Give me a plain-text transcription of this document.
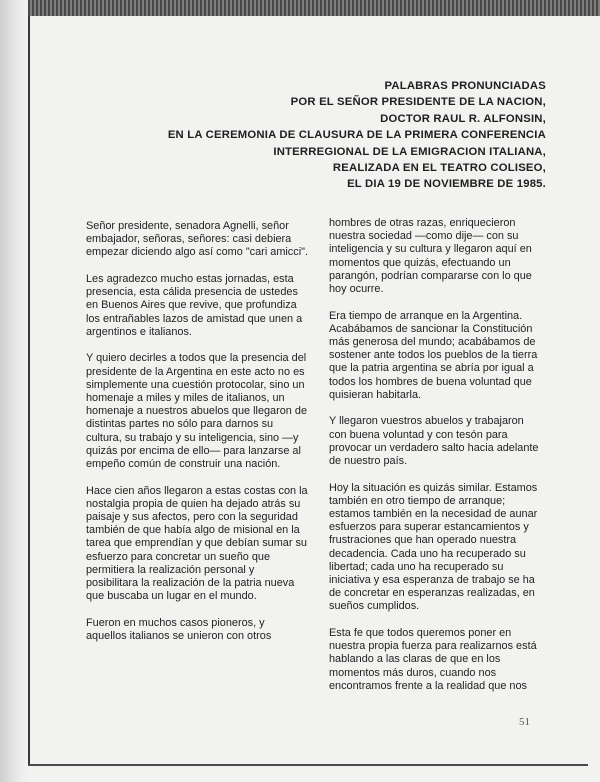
PALABRAS PRONUNCIADAS
POR EL SEÑOR PRESIDENTE DE LA NACION,
DOCTOR RAUL R. ALFONSIN,
EN LA CEREMONIA DE CLAUSURA DE LA PRIMERA CONFERENCIA
INTERREGIONAL DE LA EMIGRACION ITALIANA,
REALIZADA EN EL TEATRO COLISEO,
EL DIA 19 DE NOVIEMBRE DE 1985.

Señor presidente, senadora Agnelli, señor embajador, señoras, señores: casi debiera empezar diciendo algo así como "cari amicci".

Les agradezco mucho estas jornadas, esta presencia, esta cálida presencia de ustedes en Buenos Aires que revive, que profundiza los entrañables lazos de amistad que unen a argentinos e italianos.

Y quiero decirles a todos que la presencia del presidente de la Argentina en este acto no es simplemente una cuestión protocolar, sino un homenaje a miles y miles de italianos, un homenaje a nuestros abuelos que llegaron de distintas partes no sólo para darnos su cultura, su trabajo y su inteligencia, sino —y quizás por encima de ello— para lanzarse al empeño común de construir una nación.

Hace cien años llegaron a estas costas con la nostalgia propia de quien ha dejado atrás su paisaje y sus afectos, pero con la seguridad también de que había algo de misional en la tarea que emprendían y que debían sumar su esfuerzo para concretar un sueño que permitiera la realización personal y posibilitara la realización de la patria nueva que buscaba un lugar en el mundo.

Fueron en muchos casos pioneros, y aquellos italianos se unieron con otros

hombres de otras razas, enriquecieron nuestra sociedad —como dije— con su inteligencia y su cultura y llegaron aquí en momentos que quizás, efectuando un parangón, podrían compararse con lo que hoy ocurre.

Era tiempo de arranque en la Argentina. Acabábamos de sancionar la Constitución más generosa del mundo; acabábamos de sostener ante todos los pueblos de la tierra que la patria argentina se abría por igual a todos los hombres de buena voluntad que quisieran habitarla.

Y llegaron vuestros abuelos y trabajaron con buena voluntad y con tesón para provocar un verdadero salto hacia adelante de nuestro país.

Hoy la situación es quizás similar. Estamos también en otro tiempo de arranque; estamos también en la necesidad de aunar esfuerzos para superar estancamientos y frustraciones que han operado nuestra decadencia. Cada uno ha recuperado su libertad; cada uno ha recuperado su iniciativa y esa esperanza de trabajo se ha de concretar en esperanzas realizadas, en sueños cumplidos.

Esta fe que todos queremos poner en nuestra propia fuerza para realizarnos está hablando a las claras de que en los momentos más duros, cuando nos encontramos frente a la realidad que nos

51
